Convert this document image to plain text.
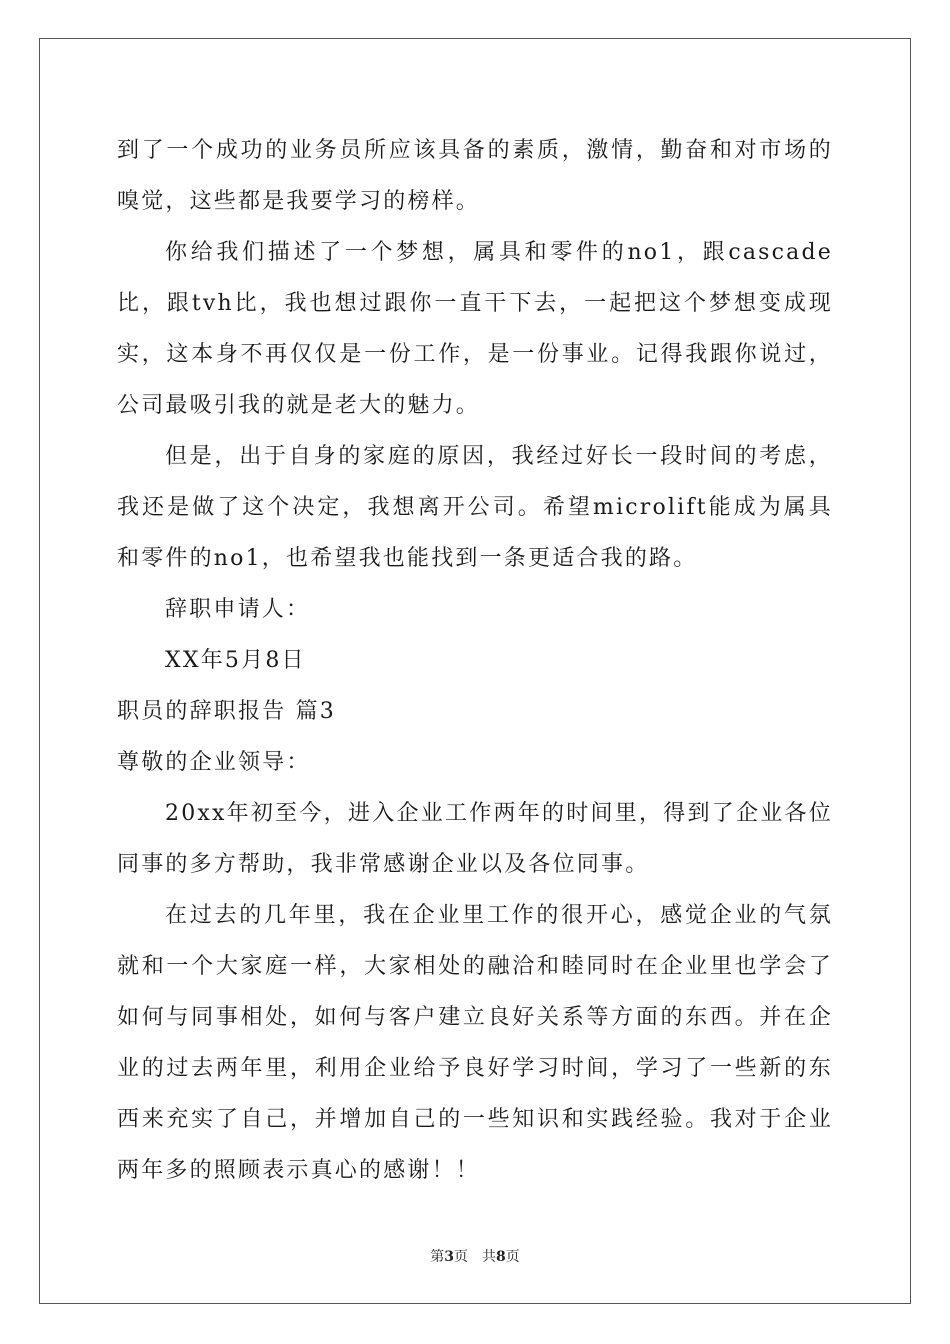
到了一个成功的业务员所应该具备的素质，激情，勤奋和对市场的嗅觉，这些都是我要学习的榜样。

你给我们描述了一个梦想，属具和零件的no1，跟cascade比，跟tvh比，我也想过跟你一直干下去，一起把这个梦想变成现实，这本身不再仅仅是一份工作，是一份事业。记得我跟你说过，公司最吸引我的就是老大的魅力。

但是，出于自身的家庭的原因，我经过好长一段时间的考虑，我还是做了这个决定，我想离开公司。希望microlift能成为属具和零件的no1，也希望我也能找到一条更适合我的路。

辞职申请人：

XX年5月8日

职员的辞职报告 篇3

尊敬的企业领导：

20xx年初至今，进入企业工作两年的时间里，得到了企业各位同事的多方帮助，我非常感谢企业以及各位同事。

在过去的几年里，我在企业里工作的很开心，感觉企业的气氛就和一个大家庭一样，大家相处的融洽和睦同时在企业里也学会了如何与同事相处，如何与客户建立良好关系等方面的东西。并在企业的过去两年里，利用企业给予良好学习时间，学习了一些新的东西来充实了自己，并增加自己的一些知识和实践经验。我对于企业两年多的照顾表示真心的感谢！！

第3页 共8页
